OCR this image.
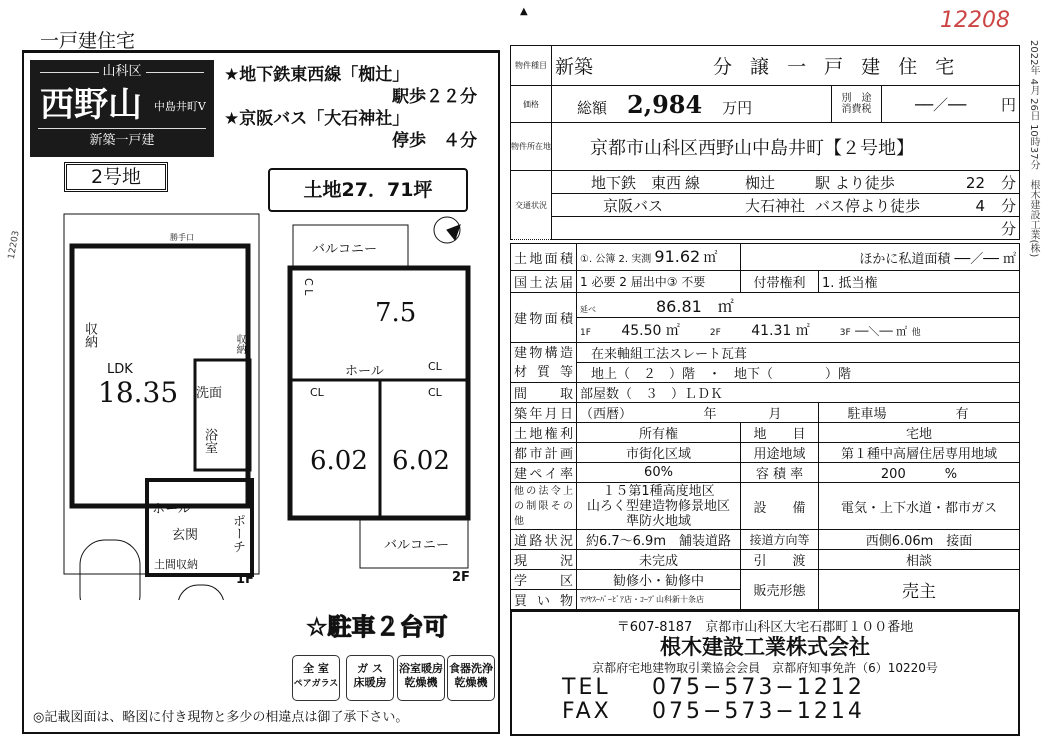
一戸建住宅
▲	12208
12203
山科区
西野山 中島井町V
新築一戸建
★地下鉄東西線「椥辻」
駅歩２２分
★京阪バス「大石神社」
停歩　４分
2号地
土地27．71坪
勝手口
収納	収納
LDK
18.35 洗面
浴室
ホール
玄関 ポーチ
土間収納
1F
バルコニー
C L
7.5
ホール	CL
CL	CL
6.02 6.02
バルコニー
2F
☆駐車２台可
全 室
ペアガラス
ガ ス
床暖房
浴室暖房
乾燥機
食器洗浄
乾燥機
◎記載図面は、略図に付き現物と多少の相違点は御了承下さい。
物件種目	新築 分 譲 一 戸 建 住 宅		
価格	総額 2,984 万円	別　途 消費税	──／── 円

物件所在地	京都市山科区西野山中島井町【２号地】		
交通状況	地下鉄　東西 線 椥辻 駅 より徒歩 22 分		

	京阪バス 大石神社 バス停より徒歩 4 分		

	分		
土地面積	①. 公簿 2. 実測 91.62 ㎡	ほかに私道面積 ──／── ㎡	
国土法届	1 必要 2 届出中③ 不要	付帯権利	1. 抵当権
建物面積	延べ 86.81　㎡		
	1F 45.50 ㎡ 2F 41.31 ㎡ 3F ──＼── ㎡ 他		
建物構造 材質等	在来軸組工法スレート瓦葺		
	地上（　２　）階　・　地下（　　　　）階		
間　　取	部屋数（　３　）ＬＤＫ		
築年月日	（西暦）　　　　　　年　　　　月		駐車場 有
土地権利	所有権	地　　目	宅地
都市計画	市街化区域	用途地域	第１種中高層住居専用地域
建ペイ率	60%	容 積 率	200　　　%
他の法令上の制限その他	１５第1種高度地区
山ろく型建造物修景地区
準防火地域	設　　備	電気・上下水道・都市ガス
道路状況	約6.7〜6.9m　舗装道路	接道方向等	西側6.06m　接面
現　　況	未完成	引　　渡	相談
学　　区	勧修小・勧修中	販売形態	売主
買 い 物	ﾏﾂﾔｽｰﾊﾟｰﾋﾞｱ店・ｺｰﾌﾟ山科新十条店		
〒607-8187　京都市山科区大宅石郡町１００番地
根木建設工業株式会社
京都府宅地建物取引業協会会員　京都府知事免許（6）10220号
TEL 075−573−1212
FAX 075−573−1214
2022年 4月 26日 10時37分　根木建設工業(株)
